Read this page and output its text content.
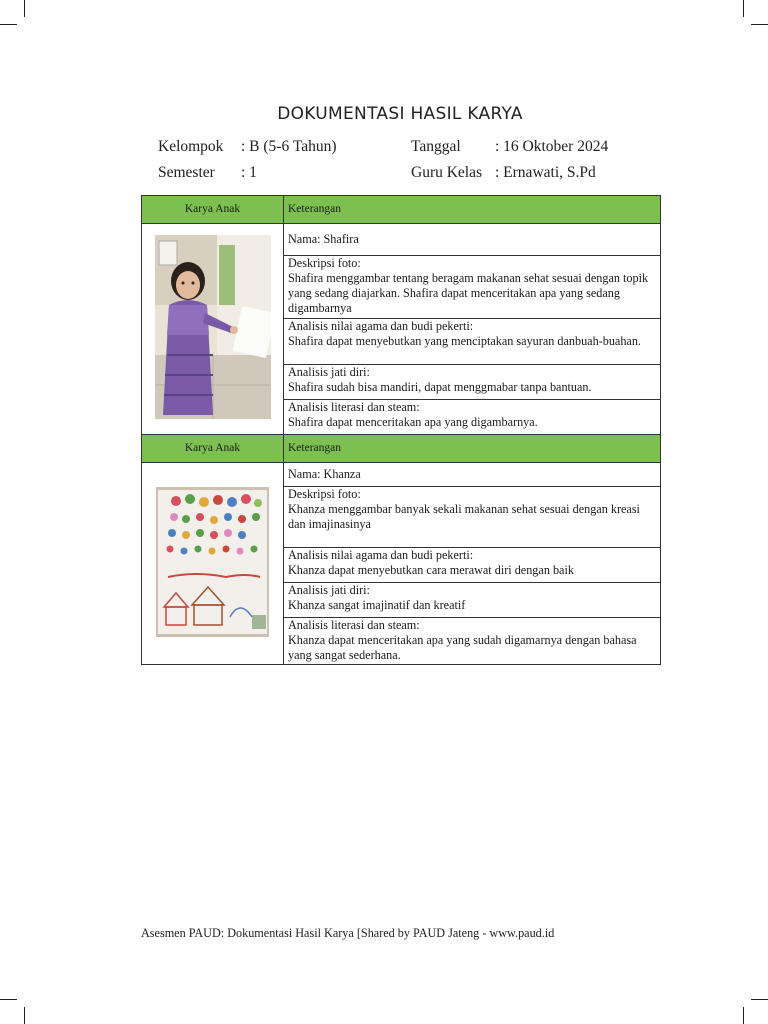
DOKUMENTASI HASIL KARYA
Kelompok : B (5-6 Tahun)
Semester : 1
Tanggal : 16 Oktober 2024
Guru Kelas : Ernawati, S.Pd
Karya Anak	Keterangan
	Nama: Shafira

	Deskripsi foto:
Shafira menggambar tentang beragam makanan sehat sesuai dengan topik yang sedang diajarkan. Shafira dapat menceritakan apa yang sedang digambarnya

	Analisis nilai agama dan budi pekerti:
Shafira dapat menyebutkan yang menciptakan sayuran danbuah-buahan.

	Analisis jati diri:
Shafira sudah bisa mandiri, dapat menggmabar tanpa bantuan.

	Analisis literasi dan steam:
Shafira dapat menceritakan apa yang digambarnya.

Karya Anak	Keterangan
	Nama: Khanza

	Deskripsi foto:
Khanza menggambar banyak sekali makanan sehat sesuai dengan kreasi dan imajinasinya

	Analisis nilai agama dan budi pekerti:
Khanza dapat menyebutkan cara merawat diri dengan baik

	Analisis jati diri:
Khanza sangat imajinatif dan kreatif

	Analisis literasi dan steam:
Khanza dapat menceritakan apa yang sudah digamarnya dengan bahasa yang sangat sederhana.
Asesmen PAUD: Dokumentasi Hasil Karya [Shared by PAUD Jateng - www.paud.id
